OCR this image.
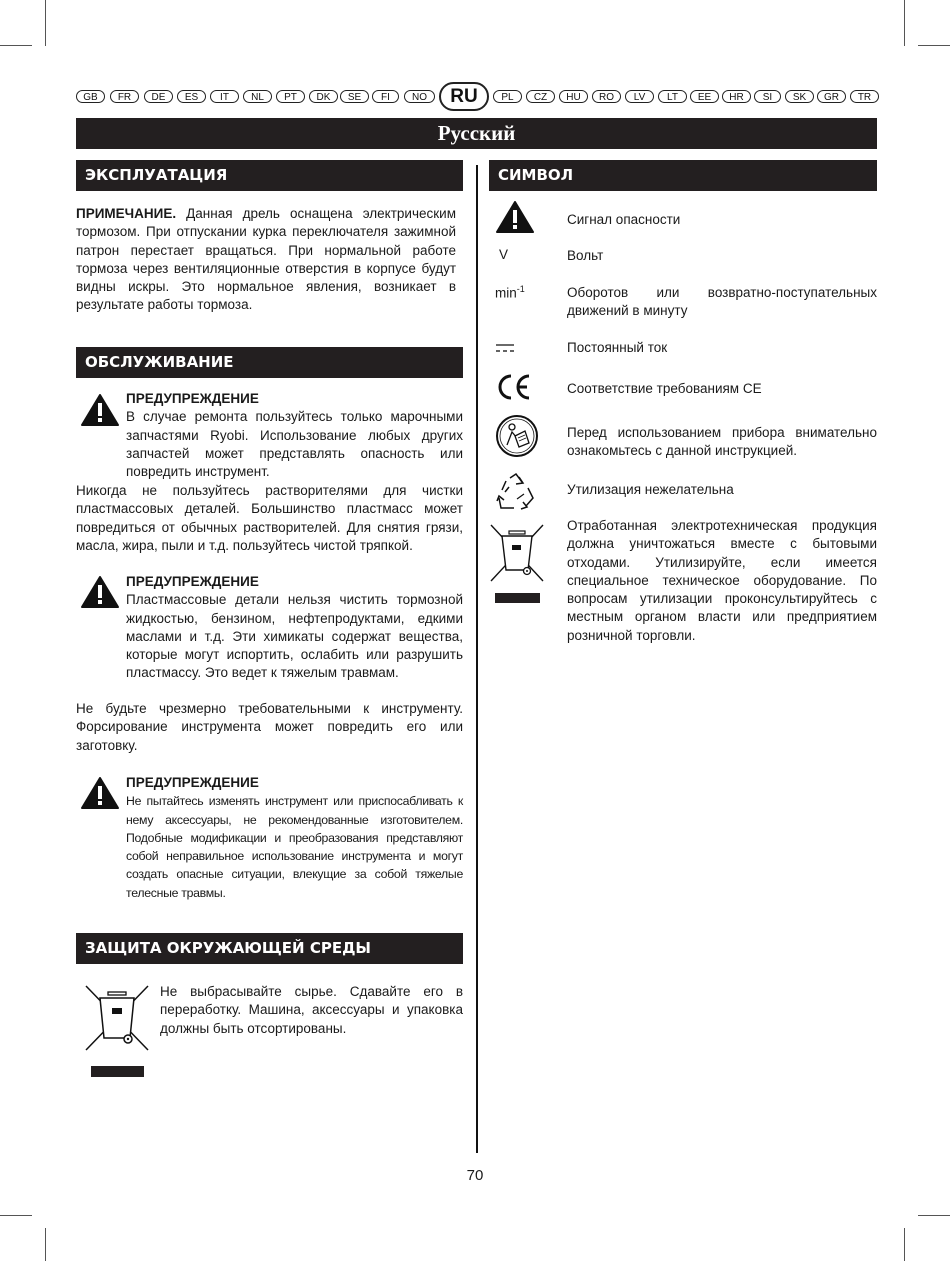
GB	FR	DE	ES	IT	NL	PT	DK	SE	FI	NO	RU	PL	CZ	HU	RO	LV	LT	EE	HR	SI	SK	GR	TR
Русский
ЭКСПЛУАТАЦИЯ

ПРИМЕЧАНИЕ. Данная дрель оснащена электрическим тормозом. При отпускании курка переключателя зажимной патрон перестает вращаться. При нормальной работе тормоза через вентиляционные отверстия в корпусе будут видны искры. Это нормальное явления, возникает в результате работы тормоза.

ОБСЛУЖИВАНИЕ

ПРЕДУПРЕЖДЕНИЕ
В случае ремонта пользуйтесь только марочными запчастями Ryobi. Использование любых других запчастей может представлять опасность или повредить инструмент.

Никогда не пользуйтесь растворителями для чистки пластмассовых деталей. Большинство пластмасс может повредиться от обычных растворителей. Для снятия грязи, масла, жира, пыли и т.д. пользуйтесь чистой тряпкой.

ПРЕДУПРЕЖДЕНИЕ
Пластмассовые детали нельзя чистить тормозной жидкостью, бензином, нефтепродуктами, едкими маслами и т.д. Эти химикаты содержат вещества, которые могут испортить, ослабить или разрушить пластмассу. Это ведет к тяжелым травмам.

Не будьте чрезмерно требовательными к инструменту. Форсирование инструмента может повредить его или заготовку.

ПРЕДУПРЕЖДЕНИЕ
Не пытайтесь изменять инструмент или приспосабливать к нему аксессуары, не рекомендованные изготовителем. Подобные модификации и преобразования представляют собой неправильное использование инструмента и могут создать опасные ситуации, влекущие за собой тяжелые телесные травмы.

ЗАЩИТА ОКРУЖАЮЩЕЙ СРЕДЫ

Не выбрасывайте сырье. Сдавайте его в переработку. Машина, аксессуары и упаковка должны быть отсортированы.

СИМВОЛ

Сигнал опасности

V	Вольт

$\min^{-1}$	Оборотов или возвратно-поступательных движений в минуту

Постоянный ток

Соответствие требованиям CE

Перед использованием прибора внимательно ознакомьтесь с данной инструкцией.

Утилизация нежелательна

Отработанная электротехническая продукция должна уничтожаться вместе с бытовыми отходами. Утилизируйте, если имеется специальное техническое оборудование. По вопросам утилизации проконсультируйтесь с местным органом власти или предприятием розничной торговли.

70
